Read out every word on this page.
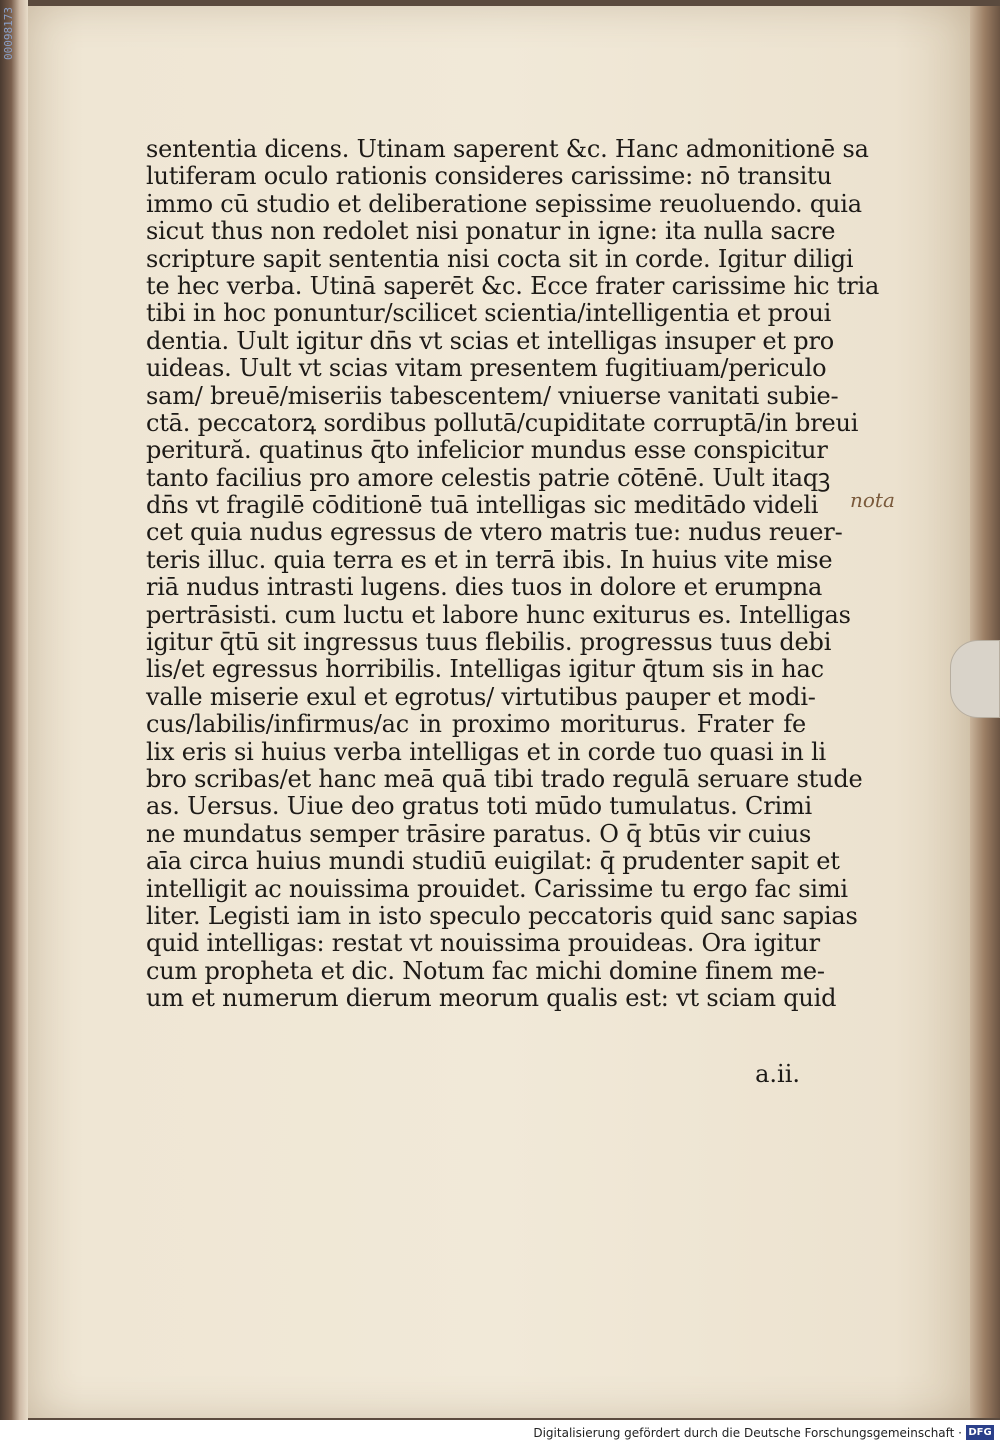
00098173
sententia dicens. Utinam saperent &c. Hanc admonitionē sa
lutiferam oculo rationis consideres carissime: nō transitu
immo cū studio et deliberatione sepissime reuoluendo. quia
sicut thus non redolet nisi ponatur in igne: ita nulla sacre
scripture sapit sententia nisi cocta sit in corde. Igitur diligi
te hec verba. Utinā saperēt &c. Ecce frater carissime hic tria
tibi in hoc ponuntur/scilicet scientia/intelligentia et proui
dentia. Uult igitur dn̄s vt scias et intelligas insuper et pro
uideas. Uult vt scias vitam presentem fugitiuam/periculo
sam/ breuē/miseriis tabescentem/ vniuerse vanitati subie-
ctā. peccatorꝝ sordibus pollutā/cupiditate corruptā/in breui
peritură. quatinus q̄to infelicior mundus esse conspicitur
tanto facilius pro amore celestis patrie cōtēnē. Uult itaqꝫ
dn̄s vt fragilē cōditionē tuā intelligas sic meditādo videli
cet quia nudus egressus de vtero matris tue: nudus reuer-
teris illuc. quia terra es et in terrā ibis. In huius vite mise
riā nudus intrasti lugens. dies tuos in dolore et erumpna
pertrāsisti. cum luctu et labore hunc exiturus es. Intelligas
igitur q̄tū sit ingressus tuus flebilis. progressus tuus debi
lis/et egressus horribilis. Intelligas igitur q̄tum sis in hac
valle miserie exul et egrotus/ virtutibus pauper et modi-
cus/labilis/infirmus/ac in proximo moriturus. Frater fe
lix eris si huius verba intelligas et in corde tuo quasi in li
bro scribas/et hanc meā quā tibi trado regulā seruare stude
as. Uersus. Uiue deo gratus toti mūdo tumulatus. Crimi
ne mundatus semper trāsire paratus. O q̄ btūs vir cuius
aīa circa huius mundi studiū euigilat: q̄ prudenter sapit et
intelligit ac nouissima prouidet. Carissime tu ergo fac simi
liter. Legisti iam in isto speculo peccatoris quid sanc sapias
quid intelligas: restat vt nouissima prouideas. Ora igitur
cum propheta et dic. Notum fac michi domine finem me-
um et numerum dierum meorum qualis est: vt sciam quid
a.ii.
nota
Digitalisierung gefördert durch die Deutsche Forschungsgemeinschaft · DFG
